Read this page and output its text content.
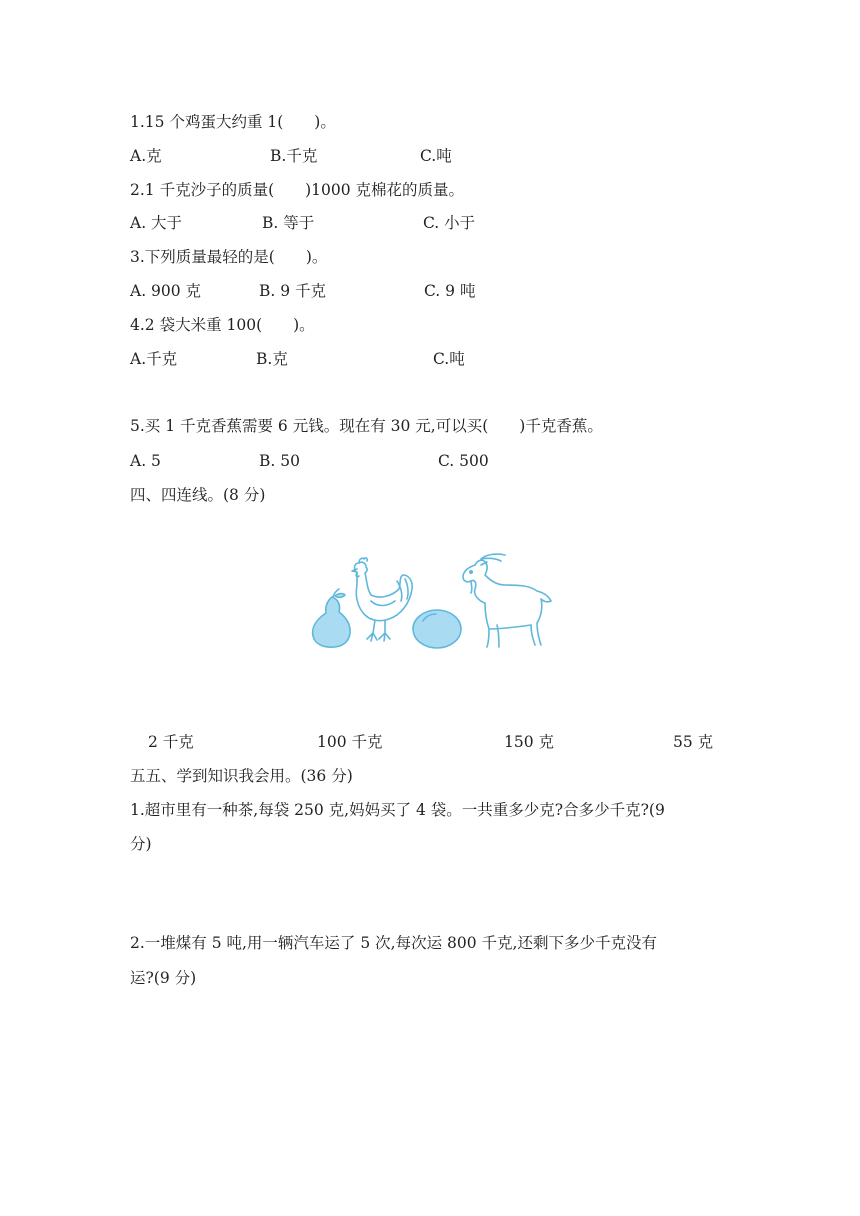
1.15 个鸡蛋大约重 1(　　)。
A.克	B.千克	C.吨
2.1 千克沙子的质量(　　)1000 克棉花的质量。
A. 大于	B. 等于	C. 小于
3.下列质量最轻的是(　　)。
A. 900 克	B. 9 千克	C. 9 吨
4.2 袋大米重 100(　　)。
A.千克	B.克	C.吨
5.买 1 千克香蕉需要 6 元钱。现在有 30 元,可以买(　　)千克香蕉。
A. 5	B. 50	C. 500
四、四连线。(8 分)
2 千克	100 千克	150 克	55 克
五五、学到知识我会用。(36 分)
1.超市里有一种茶,每袋 250 克,妈妈买了 4 袋。一共重多少克?合多少千克?(9
分)
2.一堆煤有 5 吨,用一辆汽车运了 5 次,每次运 800 千克,还剩下多少千克没有
运?(9 分)
